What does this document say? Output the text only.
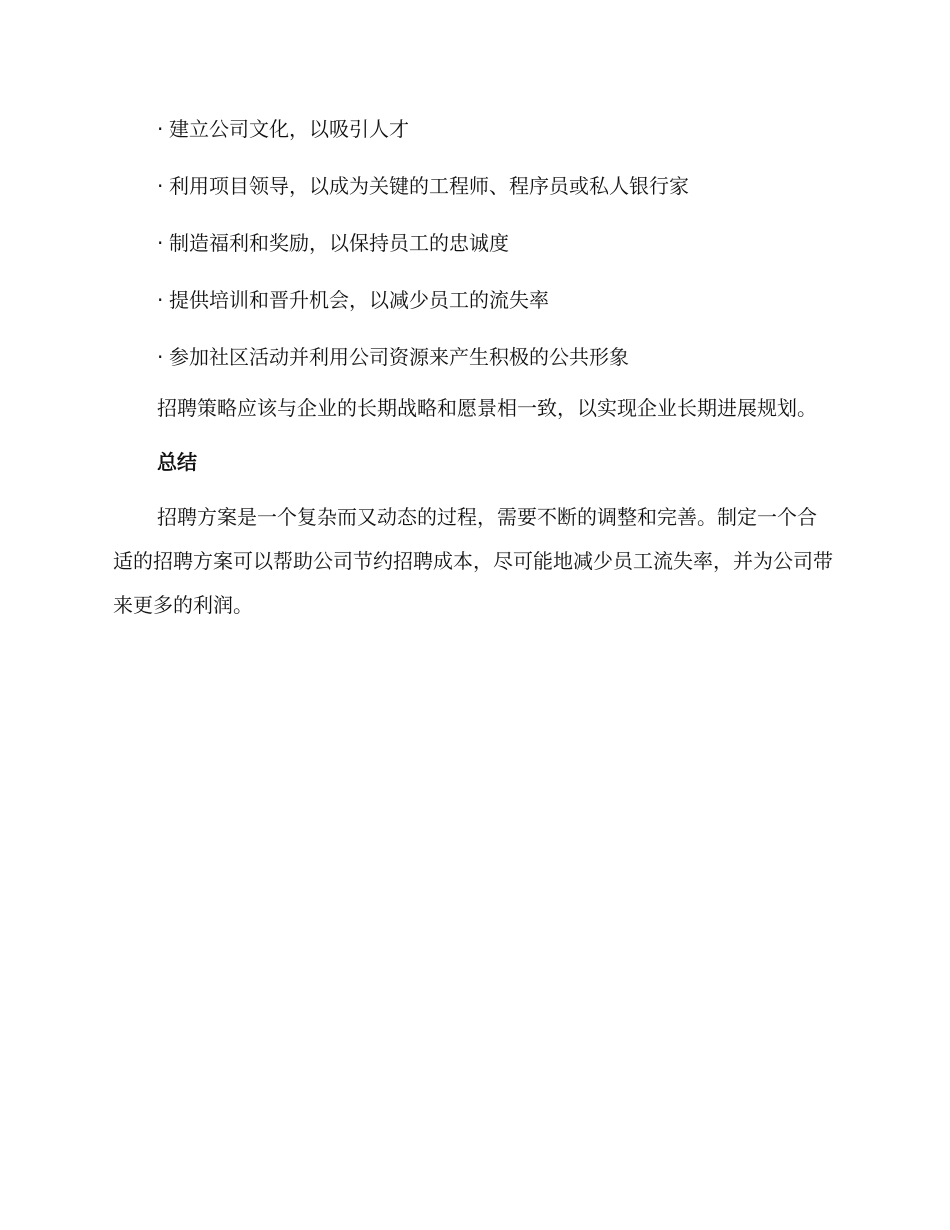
· 建立公司文化，以吸引人才
· 利用项目领导，以成为关键的工程师、程序员或私人银行家
· 制造福利和奖励，以保持员工的忠诚度
· 提供培训和晋升机会，以减少员工的流失率
· 参加社区活动并利用公司资源来产生积极的公共形象

招聘策略应该与企业的长期战略和愿景相一致，以实现企业长期进展规划。

总结

招聘方案是一个复杂而又动态的过程，需要不断的调整和完善。制定一个合适的招聘方案可以帮助公司节约招聘成本，尽可能地减少员工流失率，并为公司带来更多的利润。
